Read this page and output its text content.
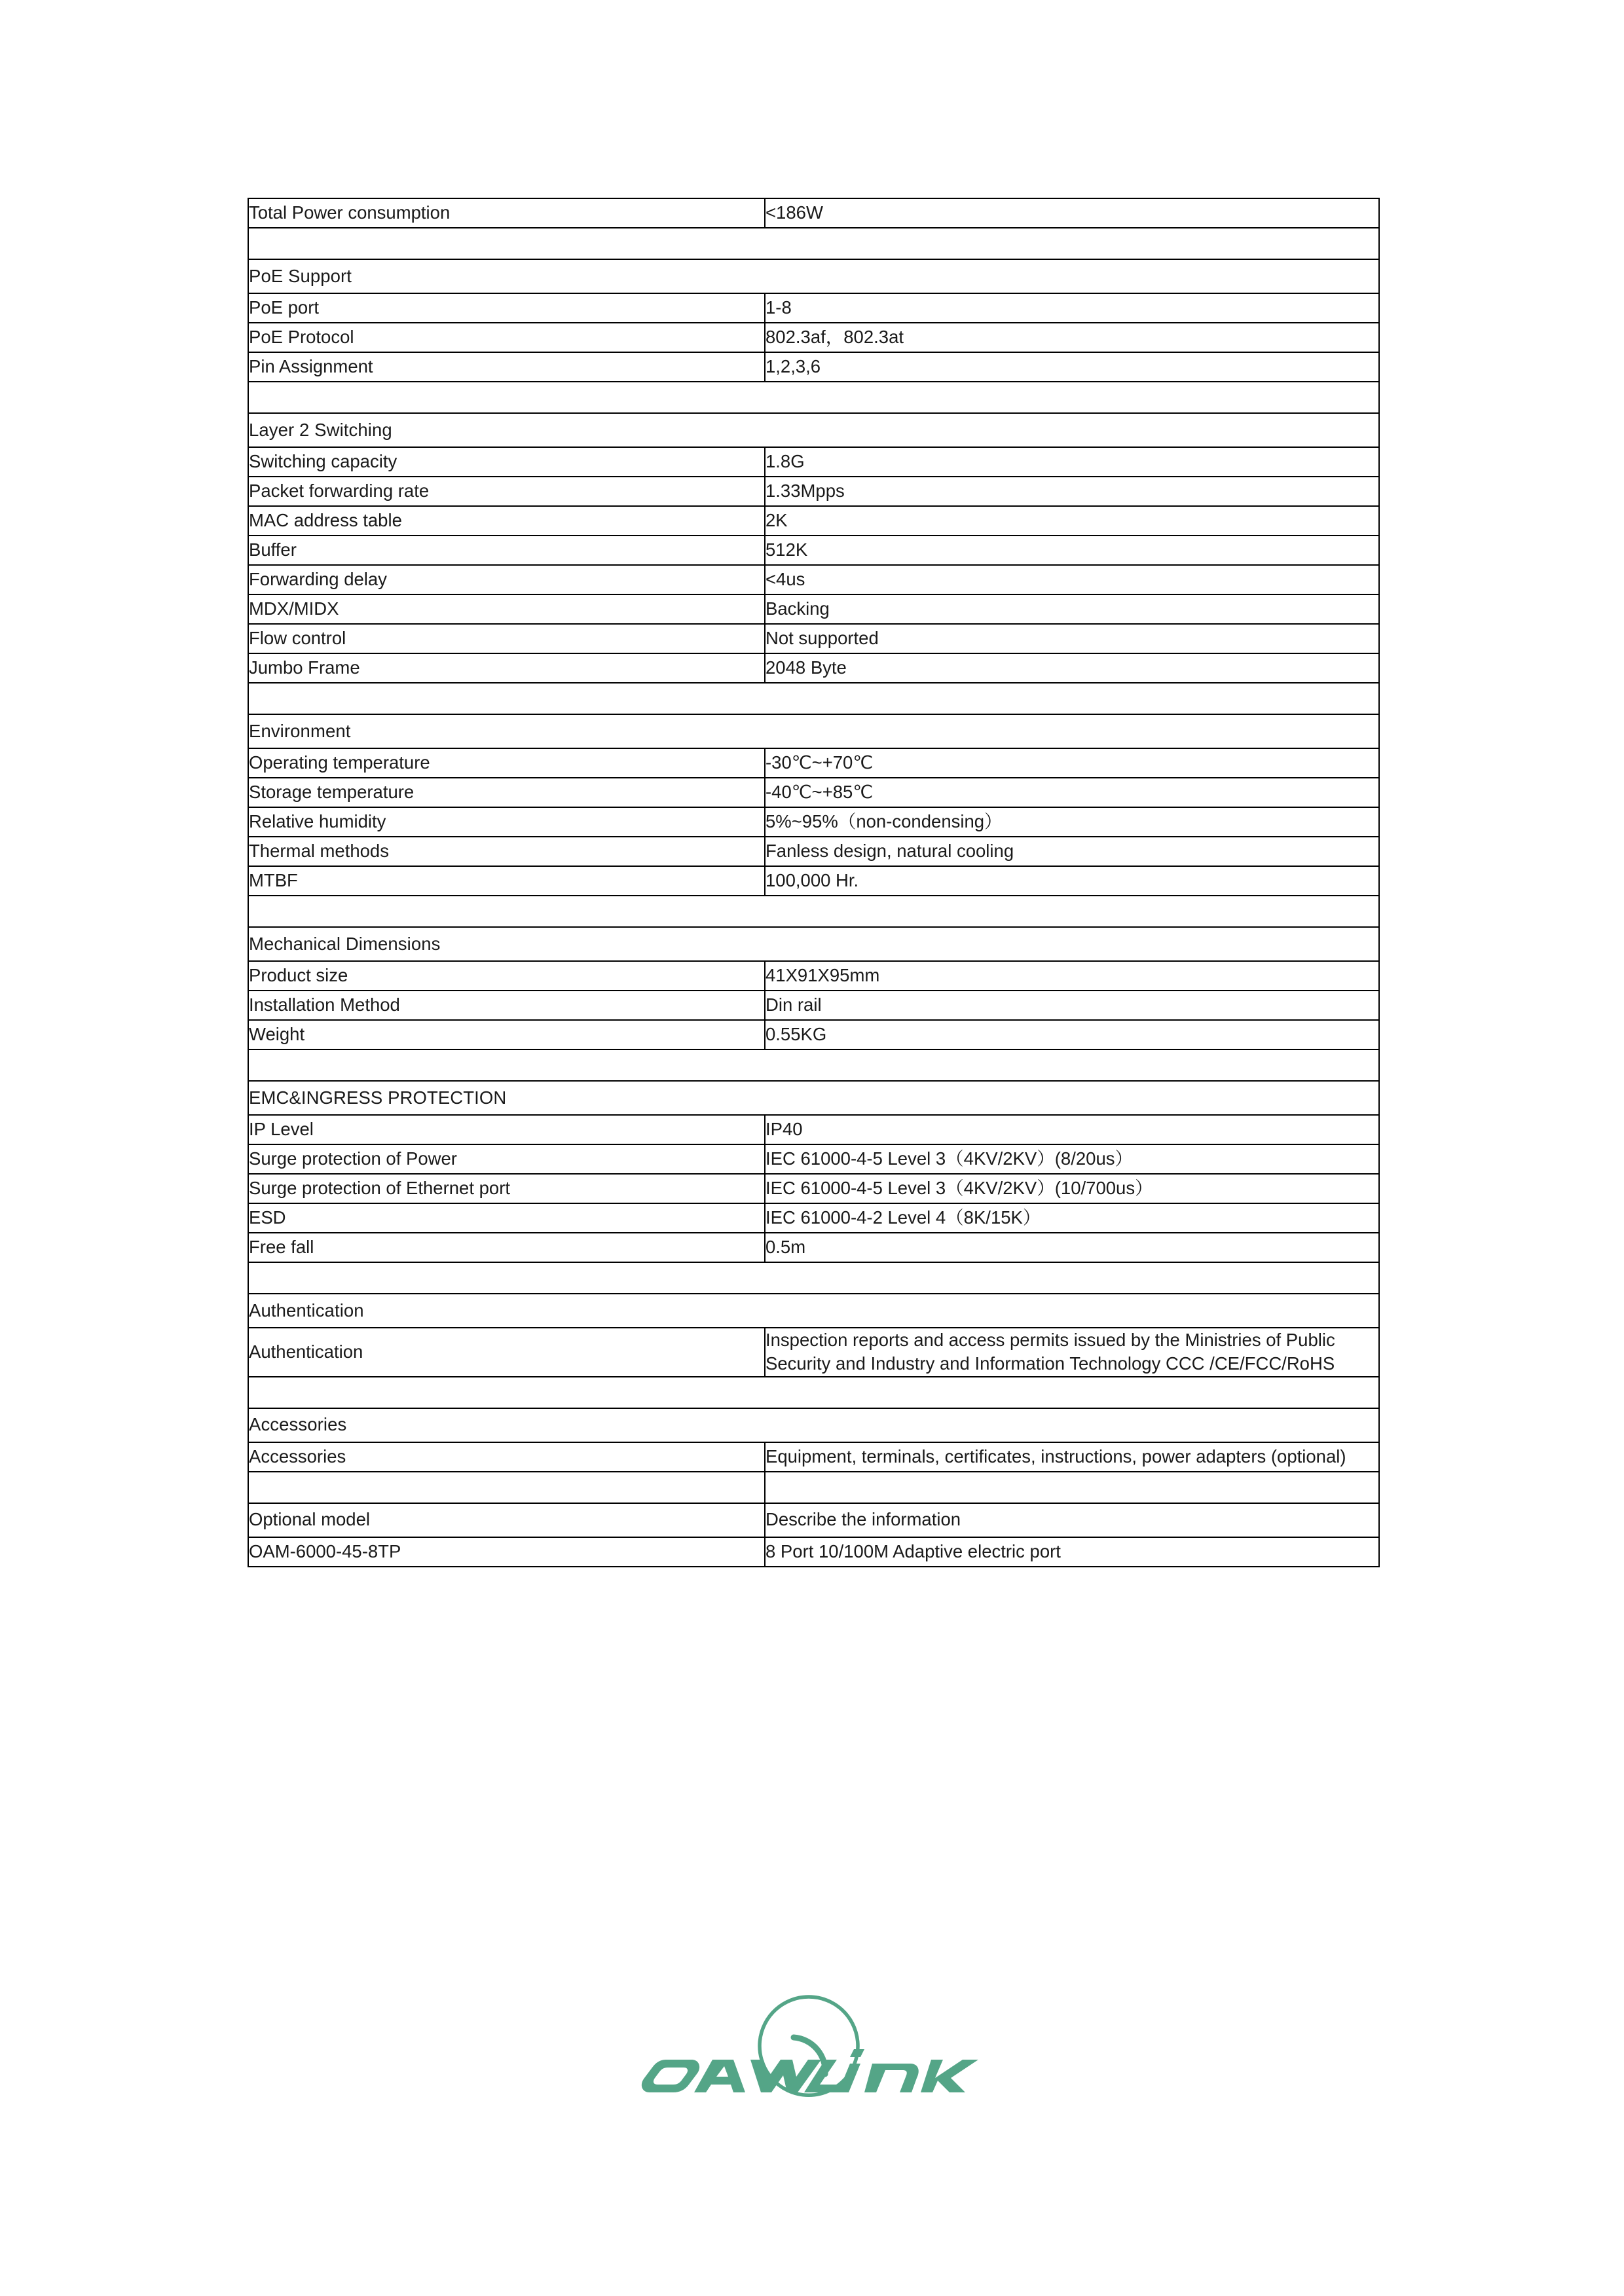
Total Power consumption	<186W

PoE Support	
PoE port	1-8
PoE Protocol	802.3af，802.3at
Pin Assignment	1,2,3,6

Layer 2 Switching	
Switching capacity	1.8G
Packet forwarding rate	1.33Mpps
MAC address table	2K
Buffer	512K
Forwarding delay	<4us
MDX/MIDX	Backing
Flow control	Not supported
Jumbo Frame	2048 Byte

Environment	
Operating temperature	-30℃~+70℃
Storage temperature	-40℃~+85℃
Relative humidity	5%~95%（non-condensing）
Thermal methods	Fanless design, natural cooling
MTBF	100,000 Hr.

Mechanical Dimensions	
Product size	41X91X95mm
Installation Method	Din rail
Weight	0.55KG

EMC&INGRESS PROTECTION	
IP Level	IP40
Surge protection of Power	IEC 61000-4-5 Level 3（4KV/2KV）(8/20us）
Surge protection of Ethernet port	IEC 61000-4-5 Level 3（4KV/2KV）(10/700us）
ESD	IEC 61000-4-2 Level 4（8K/15K）
Free fall	0.5m

Authentication	
Authentication	Inspection reports and access permits issued by the Ministries of Public Security and Industry and Information Technology CCC /CE/FCC/RoHS

Accessories	
Accessories	Equipment, terminals, certificates, instructions, power adapters (optional)

Optional model	Describe the information
OAM-6000-45-8TP	8 Port 10/100M Adaptive electric port
